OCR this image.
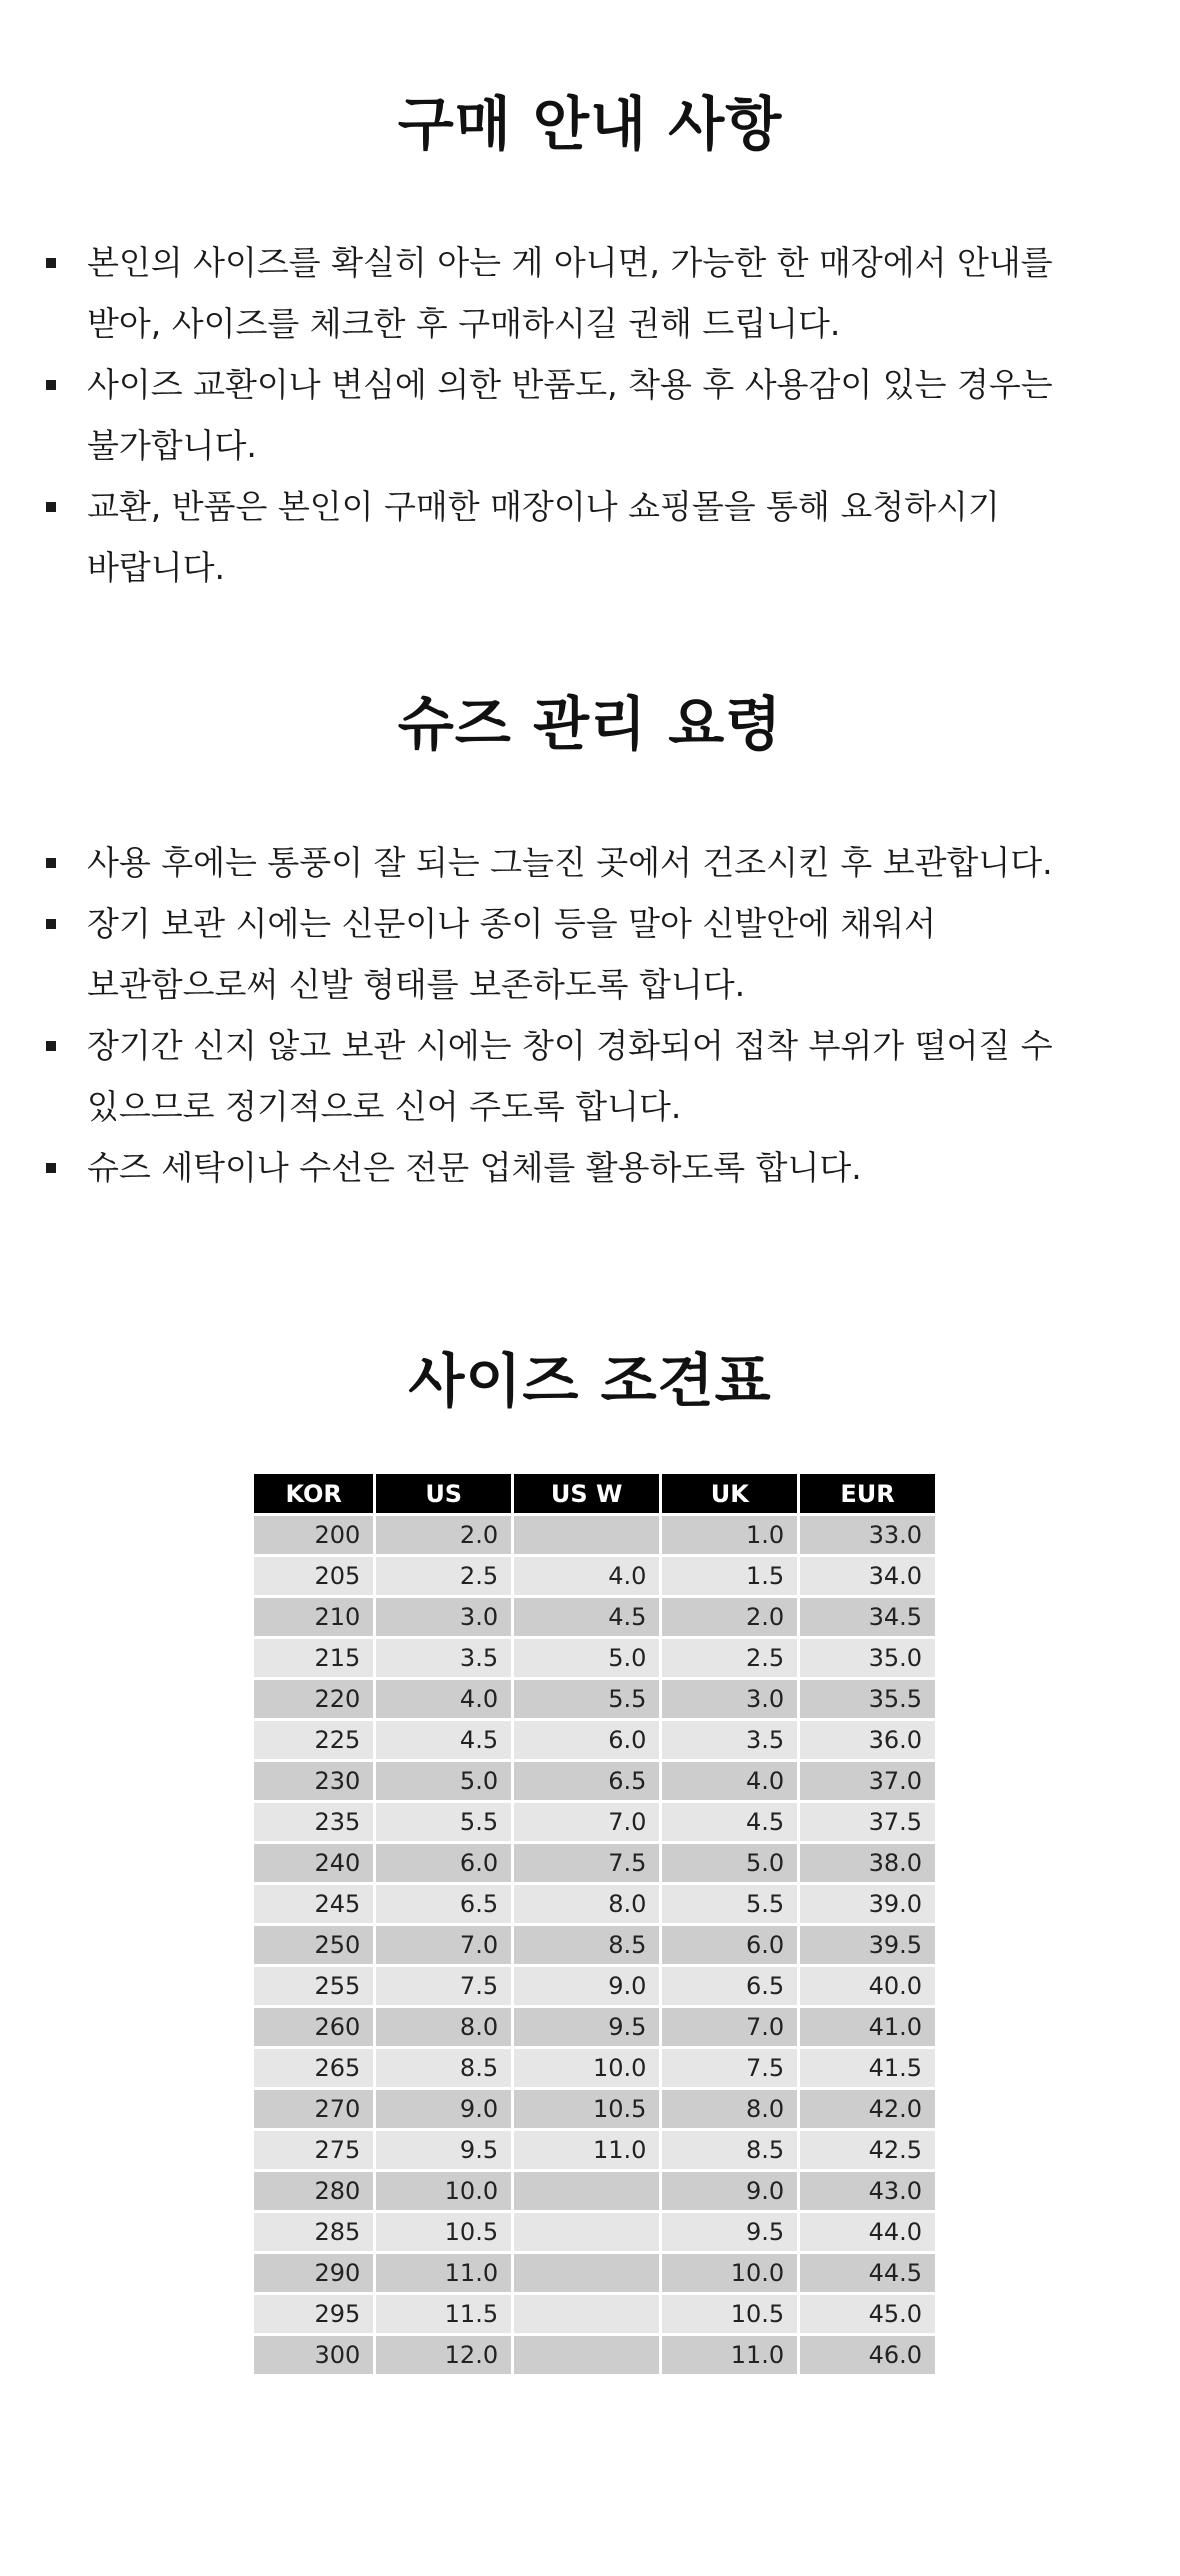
구매 안내 사항
본인의 사이즈를 확실히 아는 게 아니면, 가능한 한 매장에서 안내를
받아, 사이즈를 체크한 후 구매하시길 권해 드립니다.
사이즈 교환이나 변심에 의한 반품도, 착용 후 사용감이 있는 경우는
불가합니다.
교환, 반품은 본인이 구매한 매장이나 쇼핑몰을 통해 요청하시기
바랍니다.
슈즈 관리 요령
사용 후에는 통풍이 잘 되는 그늘진 곳에서 건조시킨 후 보관합니다.
장기 보관 시에는 신문이나 종이 등을 말아 신발안에 채워서
보관함으로써 신발 형태를 보존하도록 합니다.
장기간 신지 않고 보관 시에는 창이 경화되어 접착 부위가 떨어질 수
있으므로 정기적으로 신어 주도록 합니다.
슈즈 세탁이나 수선은 전문 업체를 활용하도록 합니다.
사이즈 조견표
KOR	US	US W	UK	EUR
200	2.0		1.0	33.0
205	2.5	4.0	1.5	34.0
210	3.0	4.5	2.0	34.5
215	3.5	5.0	2.5	35.0
220	4.0	5.5	3.0	35.5
225	4.5	6.0	3.5	36.0
230	5.0	6.5	4.0	37.0
235	5.5	7.0	4.5	37.5
240	6.0	7.5	5.0	38.0
245	6.5	8.0	5.5	39.0
250	7.0	8.5	6.0	39.5
255	7.5	9.0	6.5	40.0
260	8.0	9.5	7.0	41.0
265	8.5	10.0	7.5	41.5
270	9.0	10.5	8.0	42.0
275	9.5	11.0	8.5	42.5
280	10.0		9.0	43.0
285	10.5		9.5	44.0
290	11.0		10.0	44.5
295	11.5		10.5	45.0
300	12.0		11.0	46.0
